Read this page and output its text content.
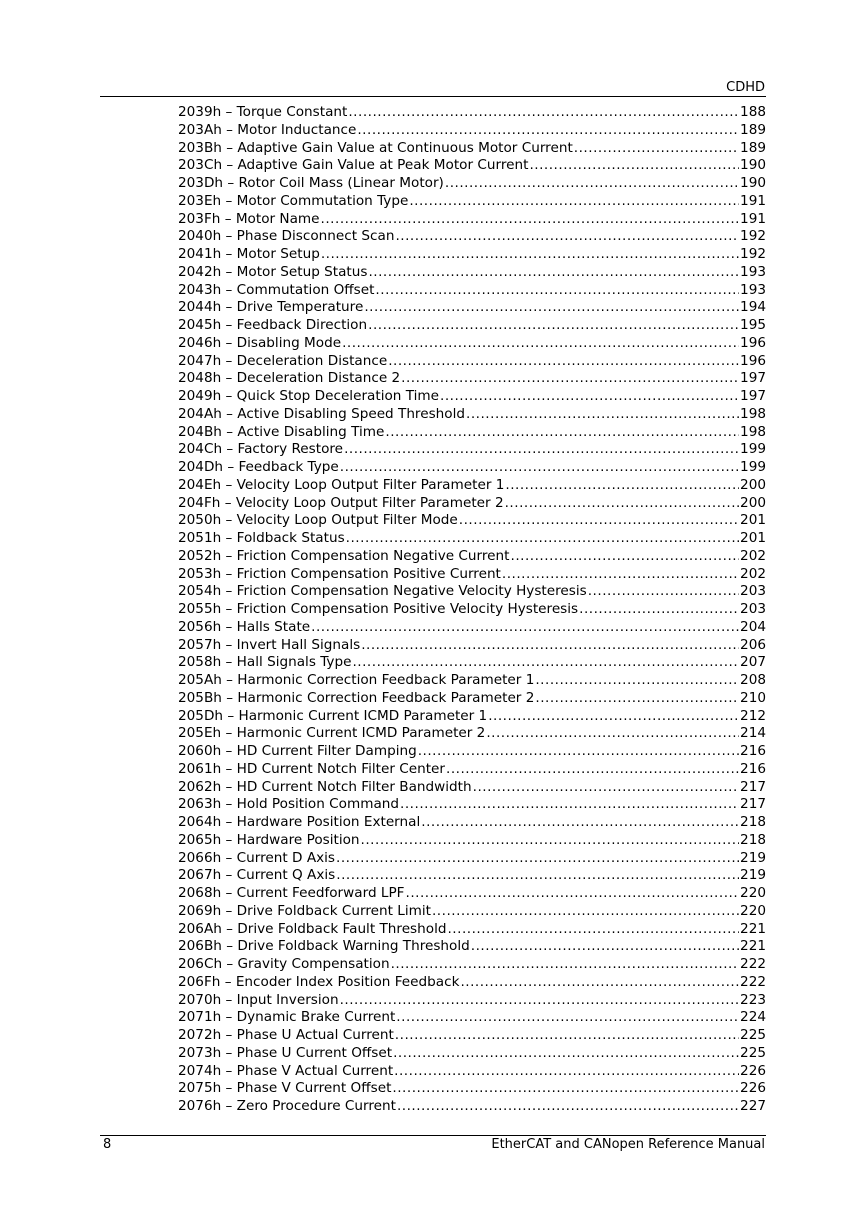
CDHD
2039h – Torque Constant .....	188
203Ah – Motor Inductance .....	189
203Bh – Adaptive Gain Value at Continuous Motor Current .....	189
203Ch – Adaptive Gain Value at Peak Motor Current .....	190
203Dh – Rotor Coil Mass (Linear Motor) .....	190
203Eh – Motor Commutation Type .....	191
203Fh – Motor Name .....	191
2040h – Phase Disconnect Scan .....	192
2041h – Motor Setup .....	192
2042h – Motor Setup Status .....	193
2043h – Commutation Offset .....	193
2044h – Drive Temperature .....	194
2045h – Feedback Direction .....	195
2046h – Disabling Mode .....	196
2047h – Deceleration Distance .....	196
2048h – Deceleration Distance 2 .....	197
2049h – Quick Stop Deceleration Time .....	197
204Ah – Active Disabling Speed Threshold .....	198
204Bh – Active Disabling Time .....	198
204Ch – Factory Restore .....	199
204Dh – Feedback Type .....	199
204Eh – Velocity Loop Output Filter Parameter 1 .....	200
204Fh – Velocity Loop Output Filter Parameter 2 .....	200
2050h – Velocity Loop Output Filter Mode .....	201
2051h – Foldback Status .....	201
2052h – Friction Compensation Negative Current .....	202
2053h – Friction Compensation Positive Current .....	202
2054h – Friction Compensation Negative Velocity Hysteresis .....	203
2055h – Friction Compensation Positive Velocity Hysteresis .....	203
2056h – Halls State .....	204
2057h – Invert Hall Signals .....	206
2058h – Hall Signals Type .....	207
205Ah – Harmonic Correction Feedback Parameter 1 .....	208
205Bh – Harmonic Correction Feedback Parameter 2 .....	210
205Dh – Harmonic Current ICMD Parameter 1 .....	212
205Eh – Harmonic Current ICMD Parameter 2 .....	214
2060h – HD Current Filter Damping .....	216
2061h – HD Current Notch Filter Center .....	216
2062h – HD Current Notch Filter Bandwidth .....	217
2063h – Hold Position Command .....	217
2064h – Hardware Position External .....	218
2065h – Hardware Position .....	218
2066h – Current D Axis .....	219
2067h – Current Q Axis .....	219
2068h – Current Feedforward LPF .....	220
2069h – Drive Foldback Current Limit .....	220
206Ah – Drive Foldback Fault Threshold .....	221
206Bh – Drive Foldback Warning Threshold .....	221
206Ch – Gravity Compensation .....	222
206Fh – Encoder Index Position Feedback .....	222
2070h – Input Inversion .....	223
2071h – Dynamic Brake Current .....	224
2072h – Phase U Actual Current .....	225
2073h – Phase U Current Offset .....	225
2074h – Phase V Actual Current .....	226
2075h – Phase V Current Offset .....	226
2076h – Zero Procedure Current .....	227
8	EtherCAT and CANopen Reference Manual
